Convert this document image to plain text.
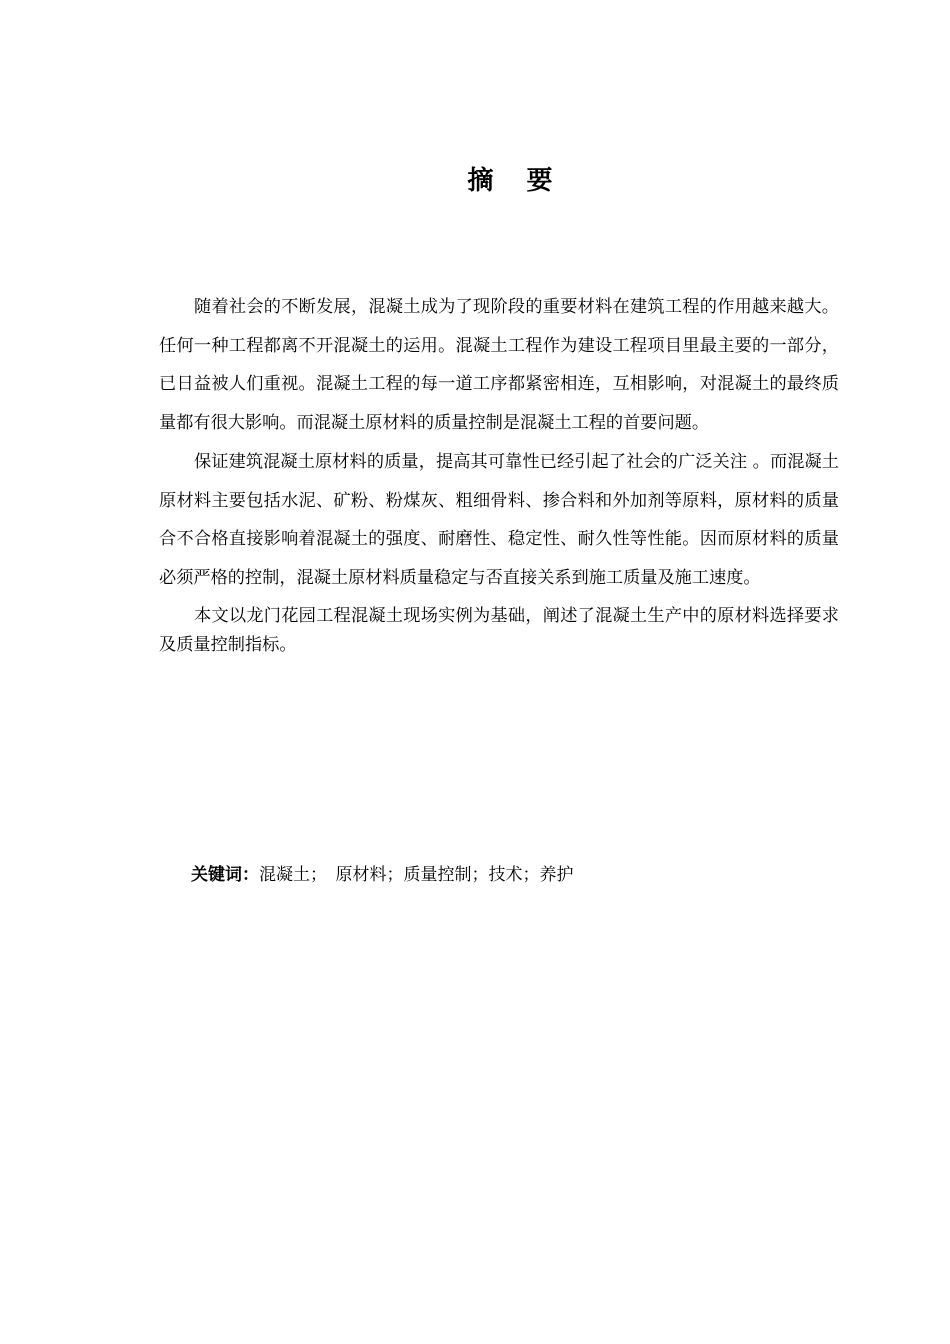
摘 要

随着社会的不断发展，混凝土成为了现阶段的重要材料在建筑工程的作用越来越大。任何一种工程都离不开混凝土的运用。混凝土工程作为建设工程项目里最主要的一部分，已日益被人们重视。混凝土工程的每一道工序都紧密相连，互相影响，对混凝土的最终质量都有很大影响。而混凝土原材料的质量控制是混凝土工程的首要问题。

保证建筑混凝土原材料的质量，提高其可靠性已经引起了社会的广泛关注 。而混凝土原材料主要包括水泥、矿粉、粉煤灰、粗细骨料、掺合料和外加剂等原料，原材料的质量合不合格直接影响着混凝土的强度、耐磨性、稳定性、耐久性等性能。因而原材料的质量必须严格的控制，混凝土原材料质量稳定与否直接关系到施工质量及施工速度。

本文以龙门花园工程混凝土现场实例为基础，阐述了混凝土生产中的原材料选择要求及质量控制指标。

关键词：混凝土；　原材料；质量控制；技术；养护
